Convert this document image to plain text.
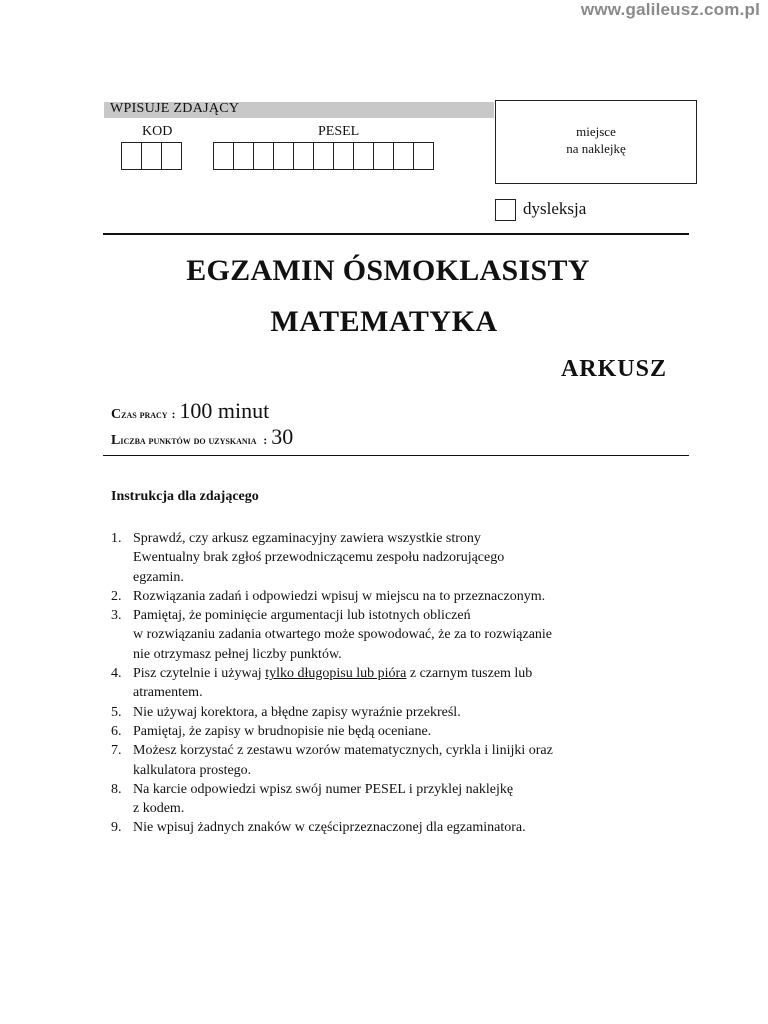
www.galileusz.com.pl
WPISUJE ZDAJĄCY
KOD	PESEL	miejsce
na naklejkę
dysleksja
EGZAMIN ÓSMOKLASISTY
MATEMATYKA
ARKUSZ
Czas pracy : 100 minut
Liczba punktów do uzyskania : 30
Instrukcja dla zdającego
1. Sprawdź, czy arkusz egzaminacyjny zawiera wszystkie strony
Ewentualny brak zgłoś przewodniczącemu zespołu nadzorującego
egzamin.
2. Rozwiązania zadań i odpowiedzi wpisuj w miejscu na to przeznaczonym.
3. Pamiętaj, że pominięcie argumentacji lub istotnych obliczeń
w rozwiązaniu zadania otwartego może spowodować, że za to rozwiązanie
nie otrzymasz pełnej liczby punktów.
4. Pisz czytelnie i używaj tylko długopisu lub pióra z czarnym tuszem lub
atramentem.
5. Nie używaj korektora, a błędne zapisy wyraźnie przekreśl.
6. Pamiętaj, że zapisy w brudnopisie nie będą oceniane.
7. Możesz korzystać z zestawu wzorów matematycznych, cyrkla i linijki oraz
kalkulatora prostego.
8. Na karcie odpowiedzi wpisz swój numer PESEL i przyklej naklejkę
z kodem.
9. Nie wpisuj żadnych znaków w częściprzeznaczonej dla egzaminatora.
